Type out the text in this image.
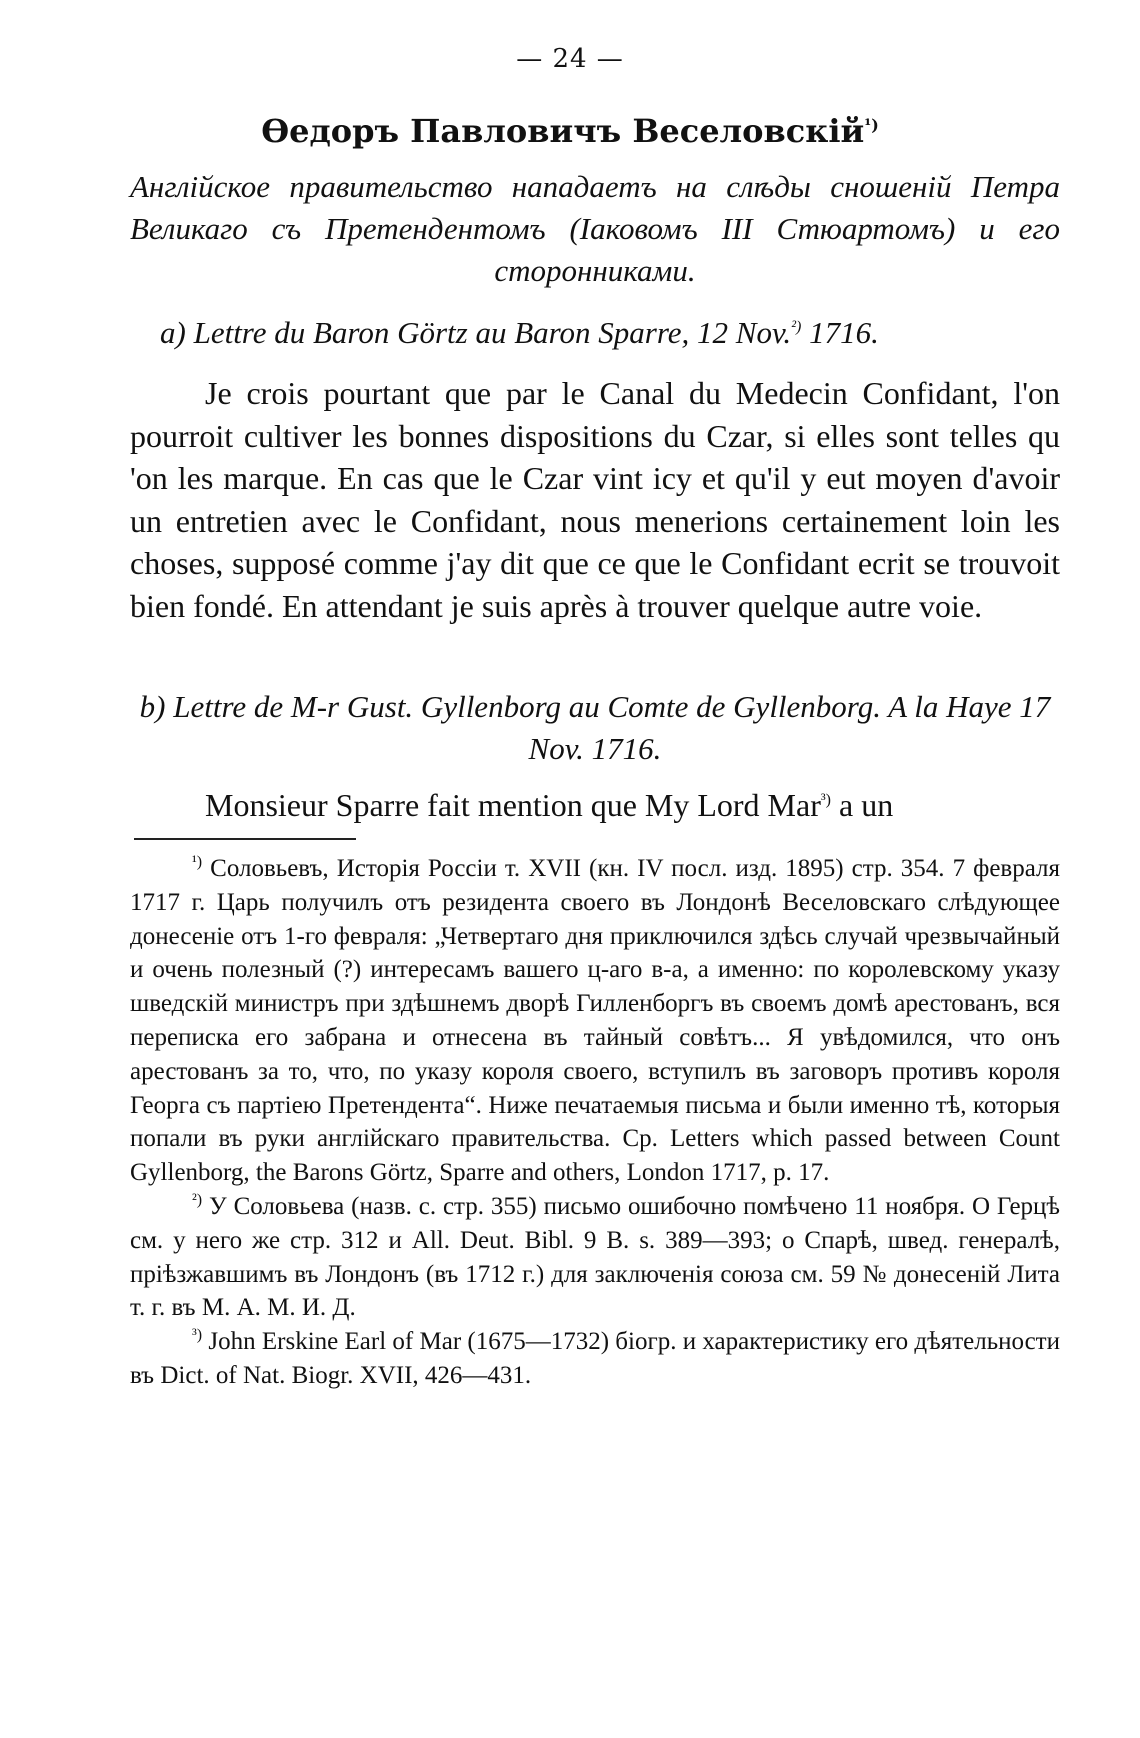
— 24 —
Өедоръ Павловичъ Веселовскій$^{^1)}$
Англійское правительство нападаетъ на слѣды сношеній Петра Великаго съ Претендентомъ (Іаковомъ III Стюартомъ) и его сторонниками.
a) Lettre du Baron Görtz au Baron Sparre, 12 Nov.$^{^2)}$ 1716.
Je crois pourtant que par le Canal du Medecin Confidant, l'on pourroit cultiver les bonnes dispositions du Czar, si elles sont telles qu 'on les marque. En cas que le Czar vint icy et qu'il y eut moyen d'avoir un entretien avec le Confidant, nous menerions certainement loin les choses, supposé comme j'ay dit que ce que le Confidant ecrit se trouvoit bien fondé. En attendant je suis après à trouver quelque autre voie.
b) Lettre de M-r Gust. Gyllenborg au Comte de Gyllenborg. A la Haye 17 Nov. 1716.
Monsieur Sparre fait mention que My Lord Mar$^{^3)}$ a un

$^{^1)}$ Соловьевъ, Исторія Россіи т. XVII (кн. IV посл. изд. 1895) стр. 354. 7 февраля 1717 г. Царь получилъ отъ резидента своего въ Лондонѣ Веселовскаго слѣдующее донесеніе отъ 1-го февраля: „Четвертаго дня приключился здѣсь случай чрезвычайный и очень полезный (?) интересамъ вашего ц-аго в-а, а именно: по королевскому указу шведскій министръ при здѣшнемъ дворѣ Гилленборгъ въ своемъ домѣ арестованъ, вся переписка его забрана и отнесена въ тайный совѣтъ... Я увѣдомился, что онъ арестованъ за то, что, по указу короля своего, вступилъ въ заговоръ противъ короля Георга съ партіею Претендента“. Ниже печатаемыя письма и были именно тѣ, которыя попали въ руки англійскаго правительства. Ср. Letters which passed between Count Gyllenborg, the Barons Görtz, Sparre and others, London 1717, p. 17.

$^{^2)}$ У Соловьева (назв. с. стр. 355) письмо ошибочно помѣчено 11 ноября. О Герцѣ см. у него же стр. 312 и All. Deut. Bibl. 9 B. s. 389—393; о Спарѣ, швед. генералѣ, пріѣзжавшимъ въ Лондонъ (въ 1712 г.) для заключенія союза см. 59 № донесеній Лита т. г. въ М. А. М. И. Д.

$^{^3)}$ John Erskine Earl of Mar (1675—1732) біогр. и характеристику его дѣятельности въ Dict. of Nat. Biogr. XVII, 426—431.
